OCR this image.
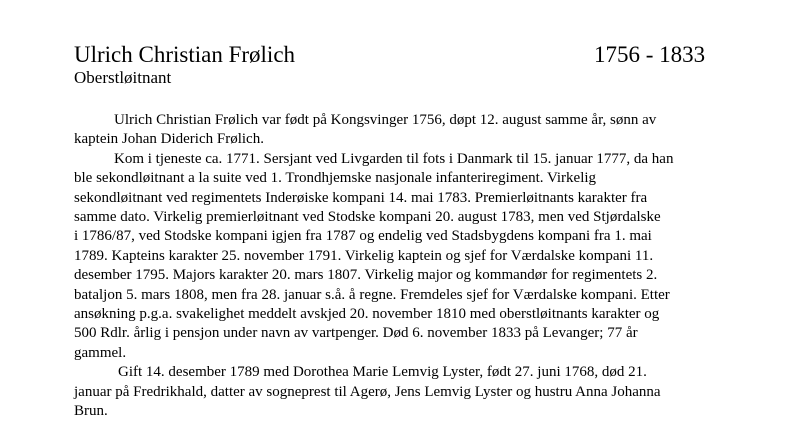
Ulrich Christian Frølich	1756 - 1833
Oberstløitnant
Ulrich Christian Frølich var født på Kongsvinger 1756, døpt 12. august samme år, sønn av
kaptein Johan Diderich Frølich.
Kom i tjeneste ca. 1771. Sersjant ved Livgarden til fots i Danmark til 15. januar 1777, da han
ble sekondløitnant a la suite ved 1. Trondhjemske nasjonale infanteriregiment. Virkelig
sekondløitnant ved regimentets Inderøiske kompani 14. mai 1783. Premierløitnants karakter fra
samme dato. Virkelig premierløitnant ved Stodske kompani 20. august 1783, men ved Stjørdalske
i 1786/87, ved Stodske kompani igjen fra 1787 og endelig ved Stadsbygdens kompani fra 1. mai
1789. Kapteins karakter 25. november 1791. Virkelig kaptein og sjef for Værdalske kompani 11.
desember 1795. Majors karakter 20. mars 1807. Virkelig major og kommandør for regimentets 2.
bataljon 5. mars 1808, men fra 28. januar s.å. å regne. Fremdeles sjef for Værdalske kompani. Etter
ansøkning p.g.a. svakelighet meddelt avskjed 20. november 1810 med oberstløitnants karakter og
500 Rdlr. årlig i pensjon under navn av vartpenger. Død 6. november 1833 på Levanger; 77 år
gammel.
Gift 14. desember 1789 med Dorothea Marie Lemvig Lyster, født 27. juni 1768, død 21.
januar på Fredrikhald, datter av sogneprest til Agerø, Jens Lemvig Lyster og hustru Anna Johanna
Brun.
